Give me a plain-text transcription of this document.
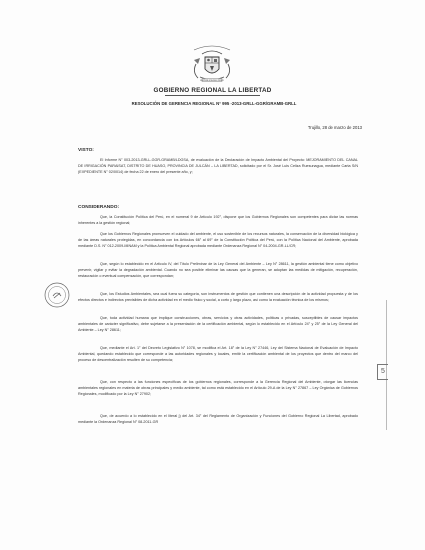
REPÚBLICA DEL PERÚ
GOBIERNO REGIONAL LA LIBERTAD
RESOLUCIÓN DE GERENCIA REGIONAL N° 995 -2013-GRLL-GGR/GRAMB-GRLL
Trujillo, 28 de marzo de 2013
VISTO:
El Informe N° 003-2013-GRLL-GGR-GRAMB/LDGSA, de evaluación de la Declaración de Impacto Ambiental del Proyecto: MEJORAMIENTO DEL CANAL DE IRRIGACIÓN PARAISAT, DISTRITO DE HUASO, PROVINCIA DE JULCÁN – LA LIBERTAD, solicitado por el Sr. José Luis Celiza Ruesunagua, mediante Carta S/N (EXPEDIENTE N° 02/0014) de fecha 22 de enero del presente año, y;
CONSIDERANDO:
Que, la Constitución Política del Perú, en el numeral 9 de Artículo 192°, dispone que los Gobiernos Regionales son competentes para dictar las normas inherentes a la gestión regional;
Que los Gobiernos Regionales promueven el cuidado del ambiente, el uso sostenible de los recursos naturales, la conservación de la diversidad biológica y de las áreas naturales protegidas, en concordancia con los Artículos 66° al 69° de la Constitución Política del Perú, con la Política Nacional del Ambiente, aprobada mediante D.S. N° 012-2009-MINAM y la Política Ambiental Regional aprobada mediante Ordenanza Regional N° 04-2004-GR-LL/CR;
Que, según lo establecido en el Artículo IV, del Título Preliminar de la Ley General del Ambiente – Ley N° 28611, la gestión ambiental tiene como objetivo prevenir, vigilar y evitar la degradación ambiental. Cuando no sea posible eliminar las causas que la generan, se adoptan las medidas de mitigación, recuperación, restauración o eventual compensación, que correspondan;
Que, los Estudios Ambientales, sea cual fuera su categoría, son instrumentos de gestión que contienen una descripción de la actividad propuesta y de los efectos directos e indirectos previsibles de dicha actividad en el medio físico y social, a corto y largo plazo, así como la evaluación técnica de los mismos;
Que, toda actividad humana que implique construcciones, obras, servicios y otras actividades, políticas o privadas, susceptibles de causar impactos ambientales de carácter significativo, debe sujetarse a la presentación de la certificación ambiental, según lo establecido en el Artículo 24° y 25° de la Ley General del Ambiente – Ley N° 28611;
Que, mediante el Art. 1° del Decreto Legislativo N° 1078, se modifica el Art. 18° de la Ley N° 27446, Ley del Sistema Nacional de Evaluación de Impacto Ambiental, quedando establecido que corresponde a las autoridades regionales y locales, emitir la certificación ambiental de los proyectos que dentro del marco del proceso de descentralización resulten de su competencia;
Que, con respecto a las funciones específicas de los gobiernos regionales, corresponde a la Gerencia Regional del Ambiente, otorgar las licencias ambientales regionales en materia de obras principales y medio ambiente, tal como está establecido en el Artículo 29-A de la Ley N° 27867 – Ley Orgánica de Gobiernos Regionales, modificado por la Ley N° 27902;
Que, de acuerdo a lo establecido en el literal j) del Art. 34° del Reglamento de Organización y Funciones del Gobierno Regional La Libertad, aprobado mediante la Ordenanza Regional N° 08-2011-GR
5
